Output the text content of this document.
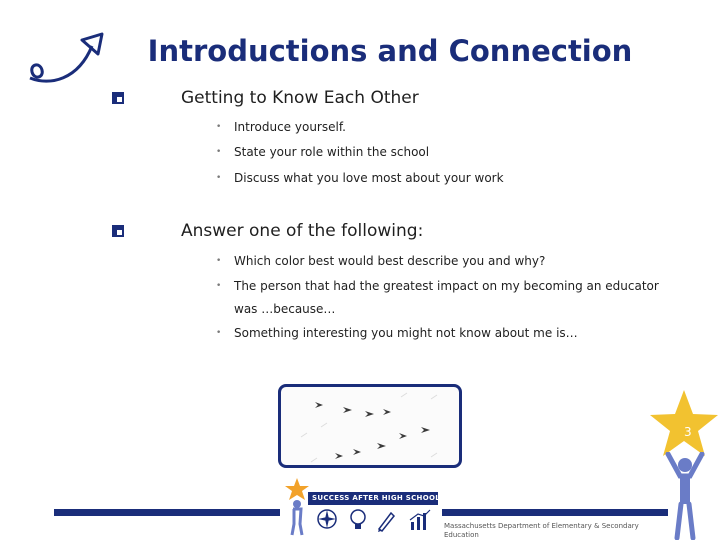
Introductions and Connection
Getting to Know Each Other
• Introduce yourself.
• State your role within the school
• Discuss what you love most about your work
Answer one of the following:
• Which color best would best describe you and why?
• The person that had the greatest impact on my becoming an educator
was …because…
• Something interesting you might not know about me is…
3
SUCCESS AFTER HIGH SCHOOL
Massachusetts Department of Elementary & Secondary
Education
